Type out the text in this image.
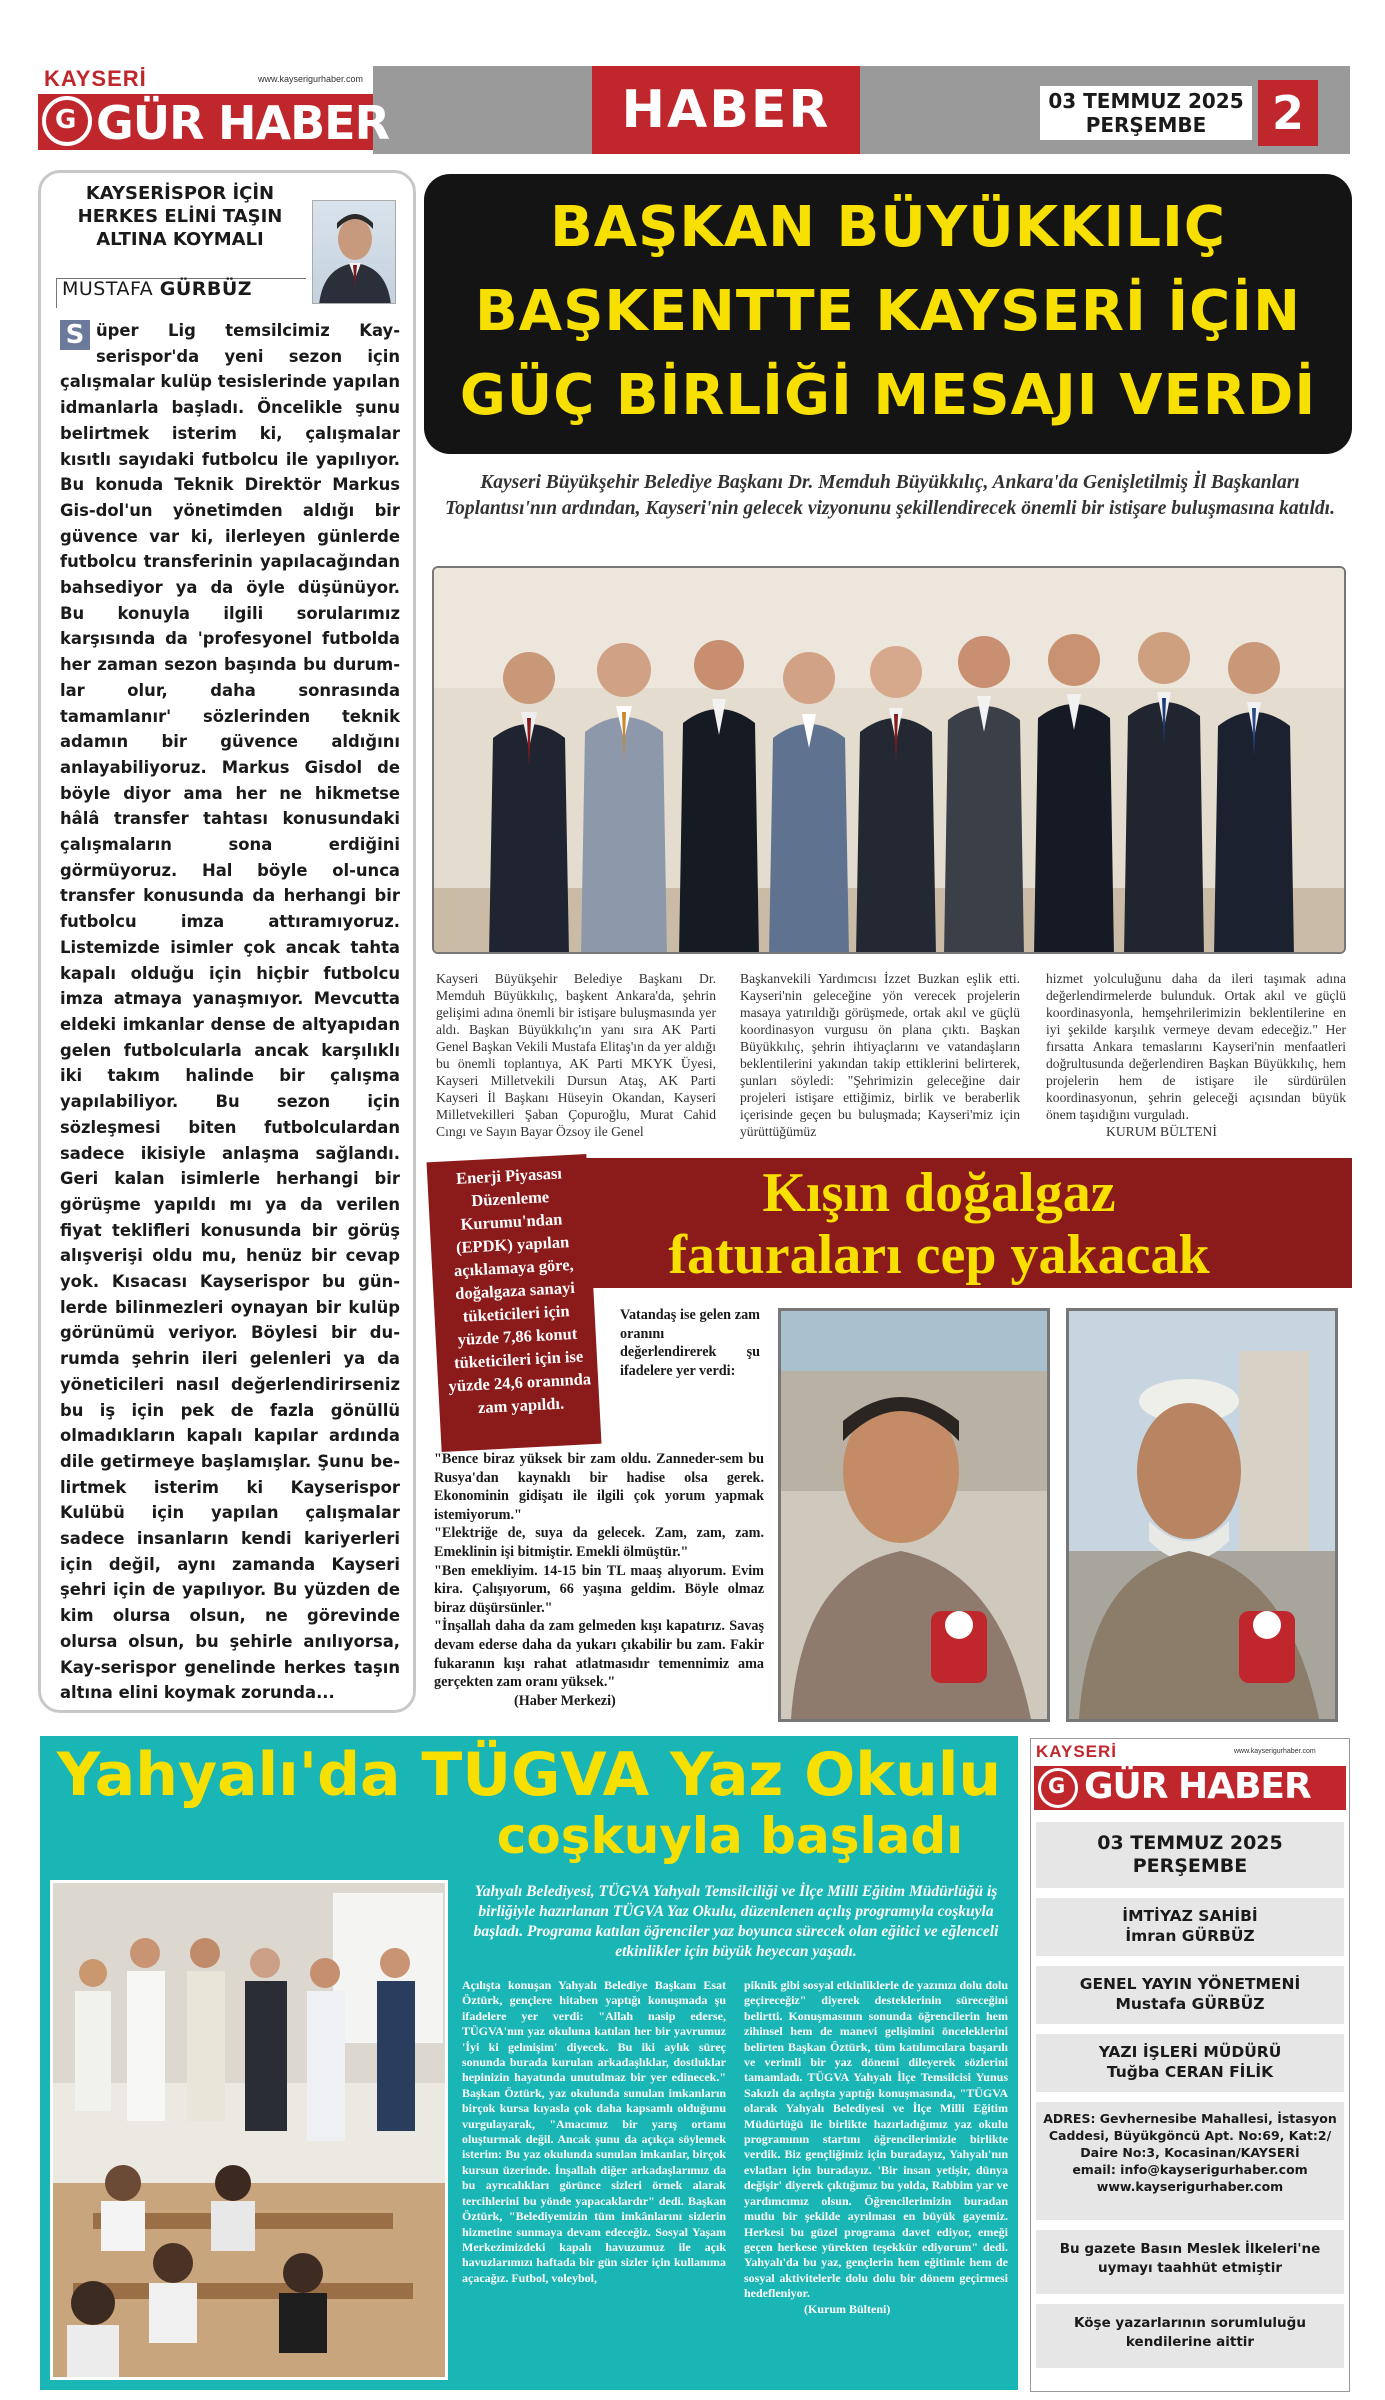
KAYSERİ	www.kayserigurhaber.com
G GÜR HABER	HABER	03 TEMMUZ 2025
PERŞEMBE	2
KAYSERİSPOR İÇİN HERKES ELİNİ TAŞIN ALTINA KOYMALI
MUSTAFA GÜRBÜZ
S üper Lig temsilcimiz Kay-serispor'da yeni sezon için çalışmalar kulüp tesislerinde yapılan idmanlarla başladı. Öncelikle şunu belirtmek isterim ki, çalışmalar kısıtlı sayıdaki futbolcu ile yapılıyor. Bu konuda Teknik Direktör Markus Gis-dol'un yönetimden aldığı bir güvence var ki, ilerleyen günlerde futbolcu transferinin yapılacağından bahsediyor ya da öyle düşünüyor. Bu konuyla ilgili sorularımız karşısında da 'profesyonel futbolda her zaman sezon başında bu durum-lar olur, daha sonrasında tamamlanır' sözlerinden teknik adamın bir güvence aldığını anlayabiliyoruz. Markus Gisdol de böyle diyor ama her ne hikmetse hâlâ transfer tahtası konusundaki çalışmaların sona erdiğini görmüyoruz. Hal böyle ol-unca transfer konusunda da herhangi bir futbolcu imza attıramıyoruz. Listemizde isimler çok ancak tahta kapalı olduğu için hiçbir futbolcu imza atmaya yanaşmıyor. Mevcutta eldeki imkanlar dense de altyapıdan gelen futbolcularla ancak karşılıklı iki takım halinde bir çalışma yapılabiliyor. Bu sezon için sözleşmesi biten futbolculardan sadece ikisiyle anlaşma sağlandı. Geri kalan isimlerle herhangi bir görüşme yapıldı mı ya da verilen fiyat teklifleri konusunda bir görüş alışverişi oldu mu, henüz bir cevap yok. Kısacası Kayserispor bu gün-lerde bilinmezleri oynayan bir kulüp görünümü veriyor. Böylesi bir du-rumda şehrin ileri gelenleri ya da yöneticileri nasıl değerlendirirseniz bu iş için pek de fazla gönüllü olmadıkların kapalı kapılar ardında dile getirmeye başlamışlar. Şunu be-lirtmek isterim ki Kayserispor Kulübü için yapılan çalışmalar sadece insanların kendi kariyerleri için değil, aynı zamanda Kayseri şehri için de yapılıyor. Bu yüzden de kim olursa olsun, ne görevinde olursa olsun, bu şehirle anılıyorsa, Kay-serispor genelinde herkes taşın altına elini koymak zorunda...
BAŞKAN BÜYÜKKILIÇ
BAŞKENTTE KAYSERİ İÇİN
GÜÇ BİRLİĞİ MESAJI VERDİ
Kayseri Büyükşehir Belediye Başkanı Dr. Memduh Büyükkılıç, Ankara'da Genişletilmiş İl Başkanları Toplantısı'nın ardından, Kayseri'nin gelecek vizyonunu şekillendirecek önemli bir istişare buluşmasına katıldı.
Kayseri Büyükşehir Belediye Başkanı Dr. Memduh Büyükkılıç, başkent Ankara'da, şehrin gelişimi adına önemli bir istişare buluşmasında yer aldı. Başkan Büyükkılıç'ın yanı sıra AK Parti Genel Başkan Vekili Mustafa Elitaş'ın da yer aldığı bu önemli toplantıya, AK Parti MKYK Üyesi, Kayseri Milletvekili Dursun Ataş, AK Parti Kayseri İl Başkanı Hüseyin Okandan, Kayseri Milletvekilleri Şaban Çopuroğlu, Murat Cahid Cıngı ve Sayın Bayar Özsoy ile Genel
Başkanvekili Yardımcısı İzzet Buzkan eşlik etti. Kayseri'nin geleceğine yön verecek projelerin masaya yatırıldığı görüşmede, ortak akıl ve güçlü koordinasyon vurgusu ön plana çıktı. Başkan Büyükkılıç, şehrin ihtiyaçlarını ve vatandaşların beklentilerini yakından takip ettiklerini belirterek, şunları söyledi: "Şehrimizin geleceğine dair projeleri istişare ettiğimiz, birlik ve beraberlik içerisinde geçen bu buluşmada; Kayseri'miz için yürüttüğümüz
hizmet yolculuğunu daha da ileri taşımak adına değerlendirmelerde bulunduk. Ortak akıl ve güçlü koordinasyonla, hemşehrilerimizin beklentilerine en iyi şekilde karşılık vermeye devam edeceğiz." Her fırsatta Ankara temaslarını Kayseri'nin menfaatleri doğrultusunda değerlendiren Başkan Büyükkılıç, hem projelerin hem de istişare ile sürdürülen koordinasyonun, şehrin geleceği açısından büyük önem taşıdığını vurguladı.
KURUM BÜLTENİ
Kışın doğalgaz
faturaları cep yakacak
Enerji Piyasası Düzenleme Kurumu'ndan (EPDK) yapılan açıklamaya göre, doğalgaza sanayi tüketicileri için yüzde 7,86 konut tüketicileri için ise yüzde 24,6 oranında zam yapıldı.
Vatandaş ise gelen zam oranını değerlendirerek şu ifadelere yer verdi:

"Bence biraz yüksek bir zam oldu. Zanneder-sem bu Rusya'dan kaynaklı bir hadise olsa gerek. Ekonominin gidişatı ile ilgili çok yorum yapmak istemiyorum."

"Elektriğe de, suya da gelecek. Zam, zam, zam. Emeklinin işi bitmiştir. Emekli ölmüştür."

"Ben emekliyim. 14-15 bin TL maaş alıyorum. Evim kira. Çalışıyorum, 66 yaşına geldim. Böyle olmaz biraz düşürsünler."

"İnşallah daha da zam gelmeden kışı kapatırız. Savaş devam ederse daha da yukarı çıkabilir bu zam. Fakir fukaranın kışı rahat atlatmasıdır temennimiz ama gerçekten zam oranı yüksek."

(Haber Merkezi)

Yahyalı'da TÜGVA Yaz Okulu
coşkuyla başladı
Yahyalı Belediyesi, TÜGVA Yahyalı Temsilciliği ve İlçe Milli Eğitim Müdürlüğü iş birliğiyle hazırlanan TÜGVA Yaz Okulu, düzenlenen açılış programıyla coşkuyla başladı. Programa katılan öğrenciler yaz boyunca sürecek olan eğitici ve eğlenceli etkinlikler için büyük heyecan yaşadı.
Açılışta konuşan Yahyalı Belediye Başkanı Esat Öztürk, gençlere hitaben yaptığı konuşmada şu ifadelere yer verdi: "Allah nasip ederse, TÜGVA'nın yaz okuluna katılan her bir yavrumuz 'İyi ki gelmişim' diyecek. Bu iki aylık süreç sonunda burada kurulan arkadaşlıklar, dostluklar hepinizin hayatında unutulmaz bir yer edinecek." Başkan Öztürk, yaz okulunda sunulan imkanların birçok kursa kıyasla çok daha kapsamlı olduğunu vurgulayarak, "Amacımız bir yarış ortamı oluşturmak değil. Ancak şunu da açıkça söylemek isterim: Bu yaz okulunda sunulan imkanlar, birçok kursun üzerinde. İnşallah diğer arkadaşlarımız da bu ayrıcalıkları görünce sizleri örnek alarak tercihlerini bu yönde yapacaklardır" dedi. Başkan Öztürk, "Belediyemizin tüm imkânlarını sizlerin hizmetine sunmaya devam edeceğiz. Sosyal Yaşam Merkezimizdeki kapalı havuzumuz ile açık havuzlarımızı haftada bir gün sizler için kullanıma açacağız. Futbol, voleybol,
piknik gibi sosyal etkinliklerle de yazınızı dolu dolu geçireceğiz" diyerek desteklerinin süreceğini belirtti. Konuşmasının sonunda öğrencilerin hem zihinsel hem de manevi gelişimini önceleklerini belirten Başkan Öztürk, tüm katılımcılara başarılı ve verimli bir yaz dönemi dileyerek sözlerini tamamladı. TÜGVA Yahyalı İlçe Temsilcisi Yunus Sakızlı da açılışta yaptığı konuşmasında, "TÜGVA olarak Yahyalı Belediyesi ve İlçe Milli Eğitim Müdürlüğü ile birlikte hazırladığımız yaz okulu programının startını öğrencilerimizle birlikte verdik. Biz gençliğimiz için buradayız, Yahyalı'nın evlatları için buradayız. 'Bir insan yetişir, dünya değişir' diyerek çıktığımız bu yolda, Rabbim yar ve yardımcımız olsun. Öğrencilerimizin buradan mutlu bir şekilde ayrılması en büyük gayemiz. Herkesi bu güzel programa davet ediyor, emeği geçen herkese yürekten teşekkür ediyorum" dedi. Yahyalı'da bu yaz, gençlerin hem eğitimle hem de sosyal aktivitelerle dolu dolu bir dönem geçirmesi hedefleniyor.
(Kurum Bülteni)
KAYSERİ	www.kayserigurhaber.com
G GÜR HABER
03 TEMMUZ 2025
PERŞEMBE
İMTİYAZ SAHİBİ
İmran GÜRBÜZ
GENEL YAYIN YÖNETMENİ
Mustafa GÜRBÜZ
YAZI İŞLERİ MÜDÜRÜ
Tuğba CERAN FİLİK
ADRES: Gevhernesibe Mahallesi, İstasyon Caddesi, Büyükgöncü Apt. No:69, Kat:2/ Daire No:3, Kocasinan/KAYSERİ
email: info@kayserigurhaber.com
www.kayserigurhaber.com
Bu gazete Basın Meslek İlkeleri'ne uymayı taahhüt etmiştir
Köşe yazarlarının sorumluluğu kendilerine aittir
